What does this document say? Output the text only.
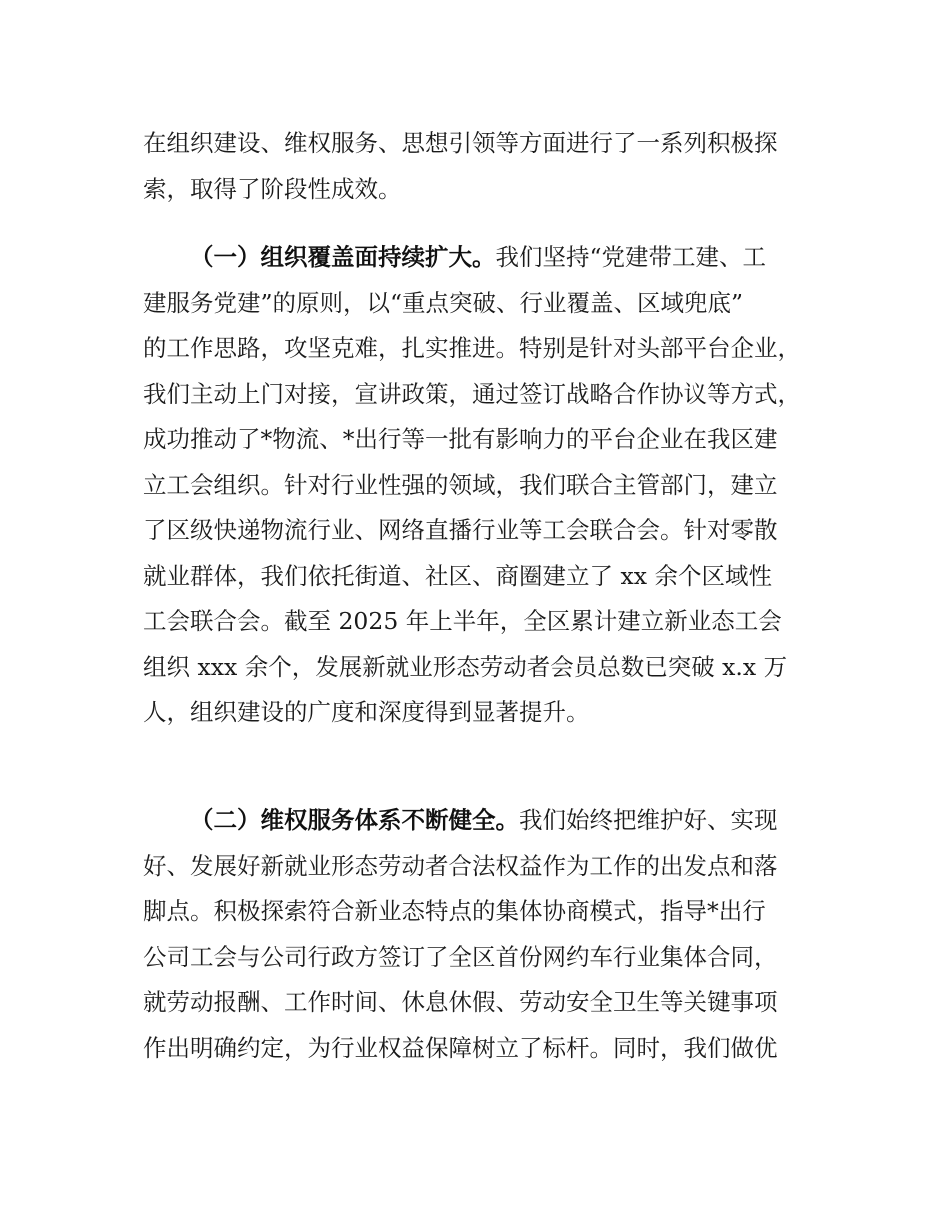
在组织建设、维权服务、思想引领等方面进行了一系列积极探
索，取得了阶段性成效。
（一）组织覆盖面持续扩大。我们坚持“党建带工建、工
建服务党建”的原则，以“重点突破、行业覆盖、区域兜底”
的工作思路，攻坚克难，扎实推进。特别是针对头部平台企业，
我们主动上门对接，宣讲政策，通过签订战略合作协议等方式，
成功推动了*物流、*出行等一批有影响力的平台企业在我区建
立工会组织。针对行业性强的领域，我们联合主管部门，建立
了区级快递物流行业、网络直播行业等工会联合会。针对零散
就业群体，我们依托街道、社区、商圈建立了 xx 余个区域性
工会联合会。截至 2025 年上半年，全区累计建立新业态工会
组织 xxx 余个，发展新就业形态劳动者会员总数已突破 x.x 万
人，组织建设的广度和深度得到显著提升。
（二）维权服务体系不断健全。我们始终把维护好、实现
好、发展好新就业形态劳动者合法权益作为工作的出发点和落
脚点。积极探索符合新业态特点的集体协商模式，指导*出行
公司工会与公司行政方签订了全区首份网约车行业集体合同，
就劳动报酬、工作时间、休息休假、劳动安全卫生等关键事项
作出明确约定，为行业权益保障树立了标杆。同时，我们做优
